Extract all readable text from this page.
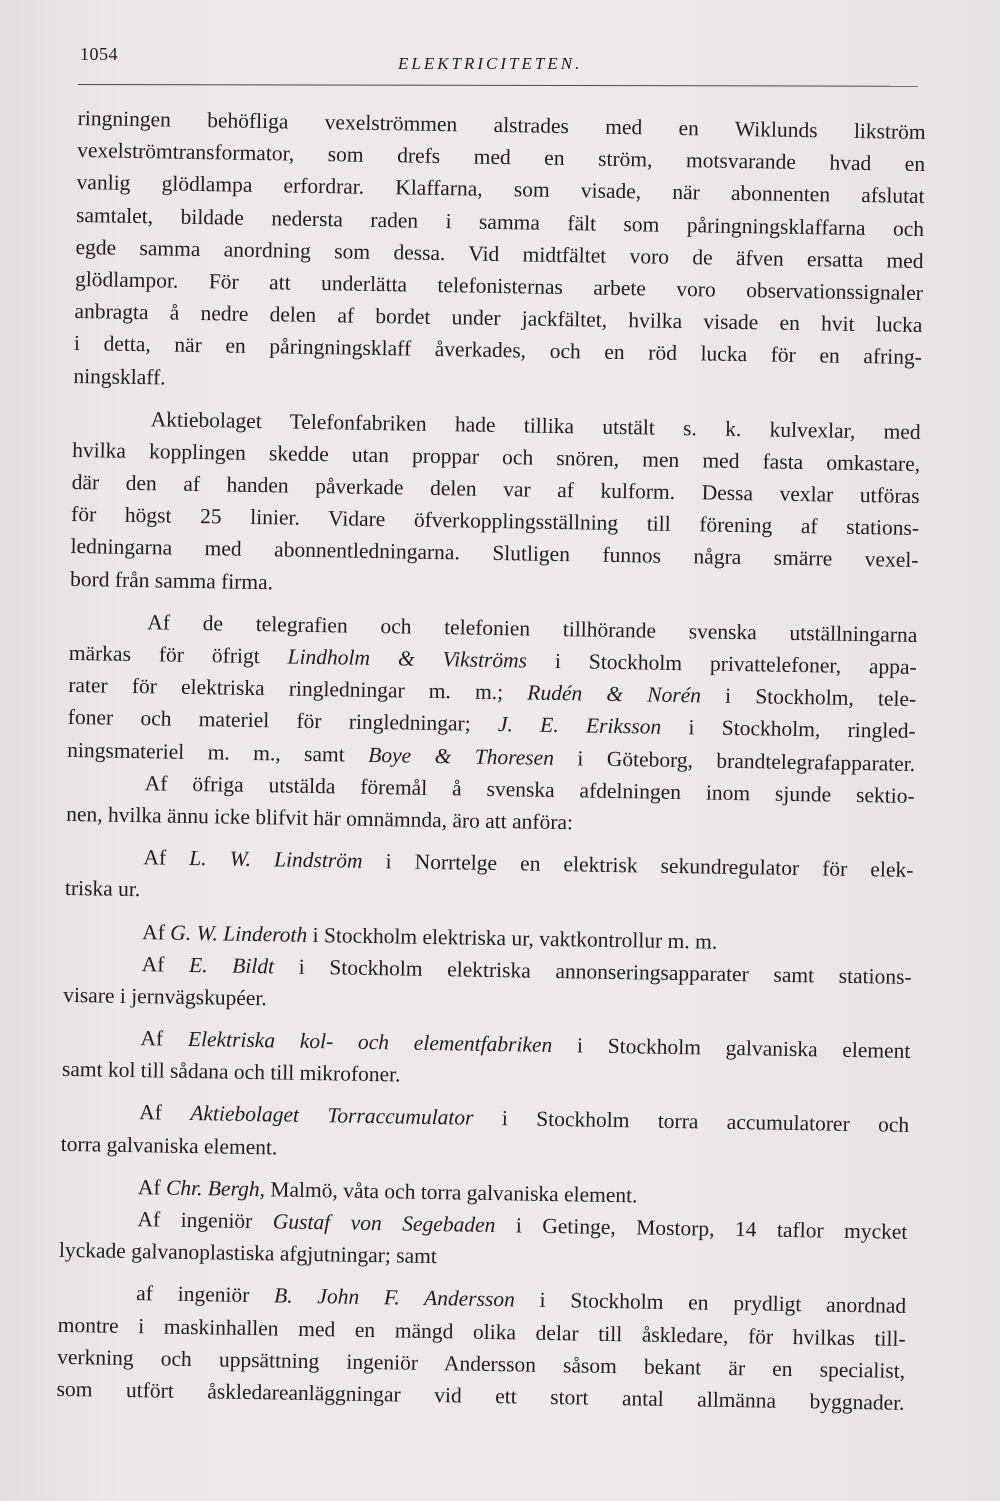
1054	ELEKTRICITETEN.
ringningen behöfliga vexelströmmen alstrades med en Wiklunds likström
vexelströmtransformator, som drefs med en ström, motsvarande hvad en
vanlig glödlampa erfordrar. Klaffarna, som visade, när abonnenten afslutat
samtalet, bildade nedersta raden i samma fält som påringningsklaffarna och
egde samma anordning som dessa. Vid midtfältet voro de äfven ersatta med
glödlampor. För att underlätta telefonisternas arbete voro observationssignaler
anbragta å nedre delen af bordet under jackfältet, hvilka visade en hvit lucka
i detta, när en påringningsklaff åverkades, och en röd lucka för en afring-
ningsklaff.
Aktiebolaget Telefonfabriken hade tillika utstält s. k. kulvexlar, med
hvilka kopplingen skedde utan proppar och snören, men med fasta omkastare,
där den af handen påverkade delen var af kulform. Dessa vexlar utföras
för högst 25 linier. Vidare öfverkopplingsställning till förening af stations-
ledningarna med abonnentledningarna. Slutligen funnos några smärre vexel-
bord från samma firma.
Af de telegrafien och telefonien tillhörande svenska utställningarna
märkas för öfrigt Lindholm & Vikströms i Stockholm privattelefoner, appa-
rater för elektriska ringledningar m. m.; Rudén & Norén i Stockholm, tele-
foner och materiel för ringledningar; J. E. Eriksson i Stockholm, ringled-
ningsmateriel m. m., samt Boye & Thoresen i Göteborg, brandtelegrafapparater.
Af öfriga utstälda föremål å svenska afdelningen inom sjunde sektio-
nen, hvilka ännu icke blifvit här omnämnda, äro att anföra:
Af L. W. Lindström i Norrtelge en elektrisk sekundregulator för elek-
triska ur.
Af G. W. Linderoth i Stockholm elektriska ur, vaktkontrollur m. m.
Af E. Bildt i Stockholm elektriska annonseringsapparater samt stations-
visare i jernvägskupéer.
Af Elektriska kol- och elementfabriken i Stockholm galvaniska element
samt kol till sådana och till mikrofoner.
Af Aktiebolaget Torraccumulator i Stockholm torra accumulatorer och
torra galvaniska element.
Af Chr. Bergh, Malmö, våta och torra galvaniska element.
Af ingeniör Gustaf von Segebaden i Getinge, Mostorp, 14 taflor mycket
lyckade galvanoplastiska afgjutningar; samt
af ingeniör B. John F. Andersson i Stockholm en prydligt anordnad
montre i maskinhallen med en mängd olika delar till åskledare, för hvilkas till-
verkning och uppsättning ingeniör Andersson såsom bekant är en specialist,
som utfört åskledareanläggningar vid ett stort antal allmänna byggnader.
